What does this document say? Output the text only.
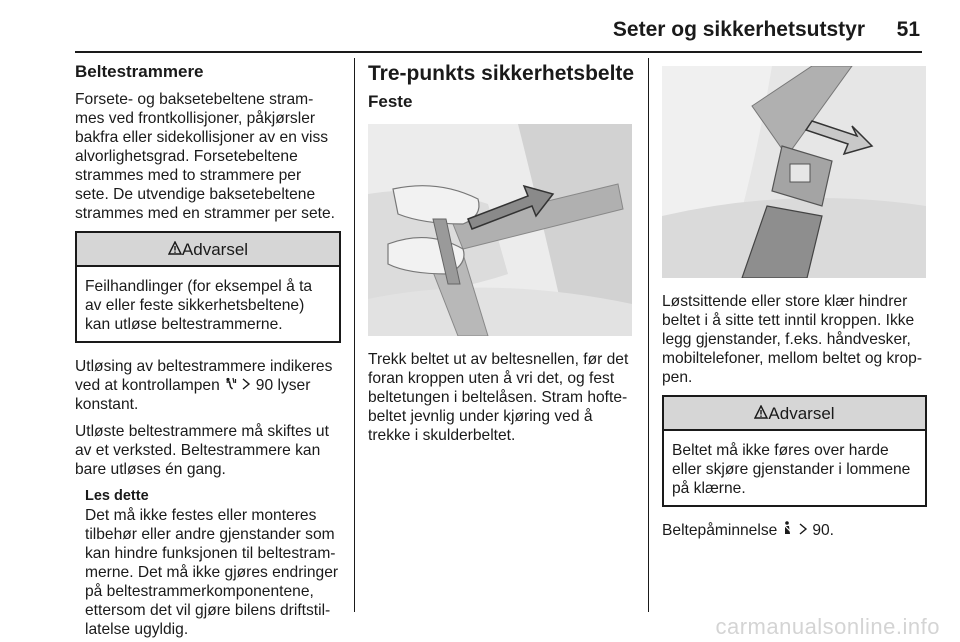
Seter og sikkerhetsutstyr 51
Beltestrammere

Forsete- og baksetebeltene stram-
mes ved frontkollisjoner, påkjørsler
bakfra eller sidekollisjoner av en viss
alvorlighetsgrad. Forsetebeltene
strammes med to strammere per
sete. De utvendige baksetebeltene
strammes med en strammer per sete.

Advarsel
Feilhandlinger (for eksempel å ta
av eller feste sikkerhetsbeltene)
kan utløse beltestrammerne.

Utløsing av beltestrammere indikeres
ved at kontrollampen 90 lyser
konstant.

Utløste beltestrammere må skiftes ut
av et verksted. Beltestrammere kan
bare utløses én gang.

Les dette
Det må ikke festes eller monteres
tilbehør eller andre gjenstander som
kan hindre funksjonen til beltestram-
merne. Det må ikke gjøres endringer
på beltestrammerkomponentene,
ettersom det vil gjøre bilens driftstil-
latelse ugyldig.
Tre-punkts sikkerhetsbelte
Feste

Trekk beltet ut av beltesnellen, før det
foran kroppen uten å vri det, og fest
beltetungen i beltelåsen. Stram hofte-
beltet jevnlig under kjøring ved å
trekke i skulderbeltet.

Løstsittende eller store klær hindrer
beltet i å sitte tett inntil kroppen. Ikke
legg gjenstander, f.eks. håndvesker,
mobiltelefoner, mellom beltet og krop-
pen.

Advarsel
Beltet må ikke føres over harde
eller skjøre gjenstander i lommene
på klærne.

Beltepåminnelse 90.

carmanualsonline.info
